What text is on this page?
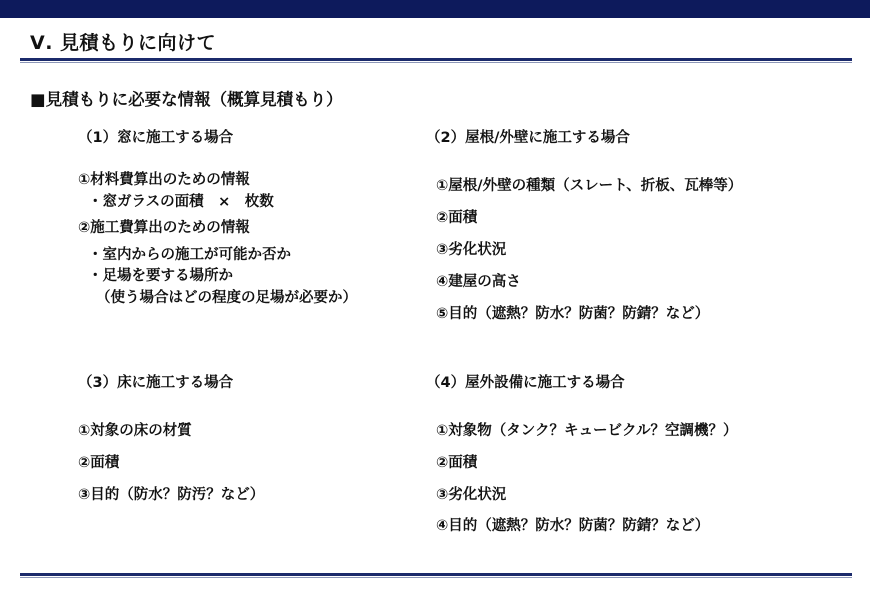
Ⅴ. 見積もりに向けて
■見積もりに必要な情報（概算見積もり）
（1）窓に施工する場合
①材料費算出のための情報
・窓ガラスの面積　×　枚数
②施工費算出のための情報
・室内からの施工が可能か否か
・足場を要する場所か
（使う場合はどの程度の足場が必要か）
（2）屋根/外壁に施工する場合
①屋根/外壁の種類（スレート、折板、瓦棒等）
②面積
③劣化状況
④建屋の高さ
⑤目的（遮熱？防水？防菌？防錆？など）
（3）床に施工する場合
①対象の床の材質
②面積
③目的（防水？防汚？など）
（4）屋外設備に施工する場合
①対象物（タンク？キュービクル？空調機？）
②面積
③劣化状況
④目的（遮熱？防水？防菌？防錆？など）
